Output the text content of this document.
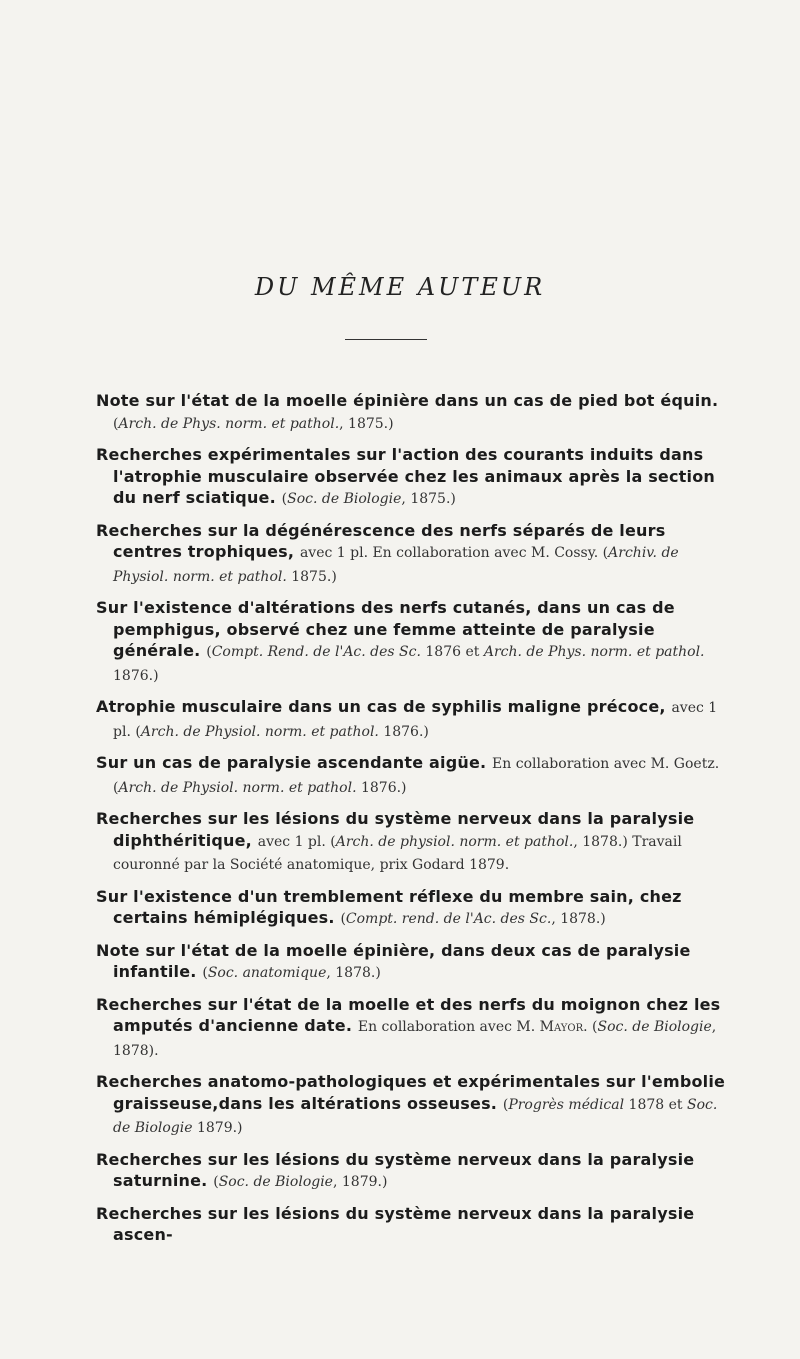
DU MÊME AUTEUR

Note sur l'état de la moelle épinière dans un cas de pied bot équin. (Arch. de Phys. norm. et pathol., 1875.)

Recherches expérimentales sur l'action des courants induits dans l'atrophie musculaire observée chez les animaux après la section du nerf sciatique. (Soc. de Biologie, 1875.)

Recherches sur la dégénérescence des nerfs séparés de leurs centres trophiques, avec 1 pl. En collaboration avec M. Cossy. (Archiv. de Physiol. norm. et pathol. 1875.)

Sur l'existence d'altérations des nerfs cutanés, dans un cas de pemphigus, observé chez une femme atteinte de paralysie générale. (Compt. Rend. de l'Ac. des Sc. 1876 et Arch. de Phys. norm. et pathol. 1876.)

Atrophie musculaire dans un cas de syphilis maligne précoce, avec 1 pl. (Arch. de Physiol. norm. et pathol. 1876.)

Sur un cas de paralysie ascendante aigüe. En collaboration avec M. Goetz. (Arch. de Physiol. norm. et pathol. 1876.)

Recherches sur les lésions du système nerveux dans la paralysie diphthéritique, avec 1 pl. (Arch. de physiol. norm. et pathol., 1878.) Travail couronné par la Société anatomique, prix Godard 1879.

Sur l'existence d'un tremblement réflexe du membre sain, chez certains hémiplégiques. (Compt. rend. de l'Ac. des Sc., 1878.)

Note sur l'état de la moelle épinière, dans deux cas de paralysie infantile. (Soc. anatomique, 1878.)

Recherches sur l'état de la moelle et des nerfs du moignon chez les amputés d'ancienne date. En collaboration avec M. Mayor. (Soc. de Biologie, 1878).

Recherches anatomo-pathologiques et expérimentales sur l'embolie graisseuse,dans les altérations osseuses. (Progrès médical 1878 et Soc. de Biologie 1879.)

Recherches sur les lésions du système nerveux dans la paralysie saturnine. (Soc. de Biologie, 1879.)

Recherches sur les lésions du système nerveux dans la paralysie ascen-
